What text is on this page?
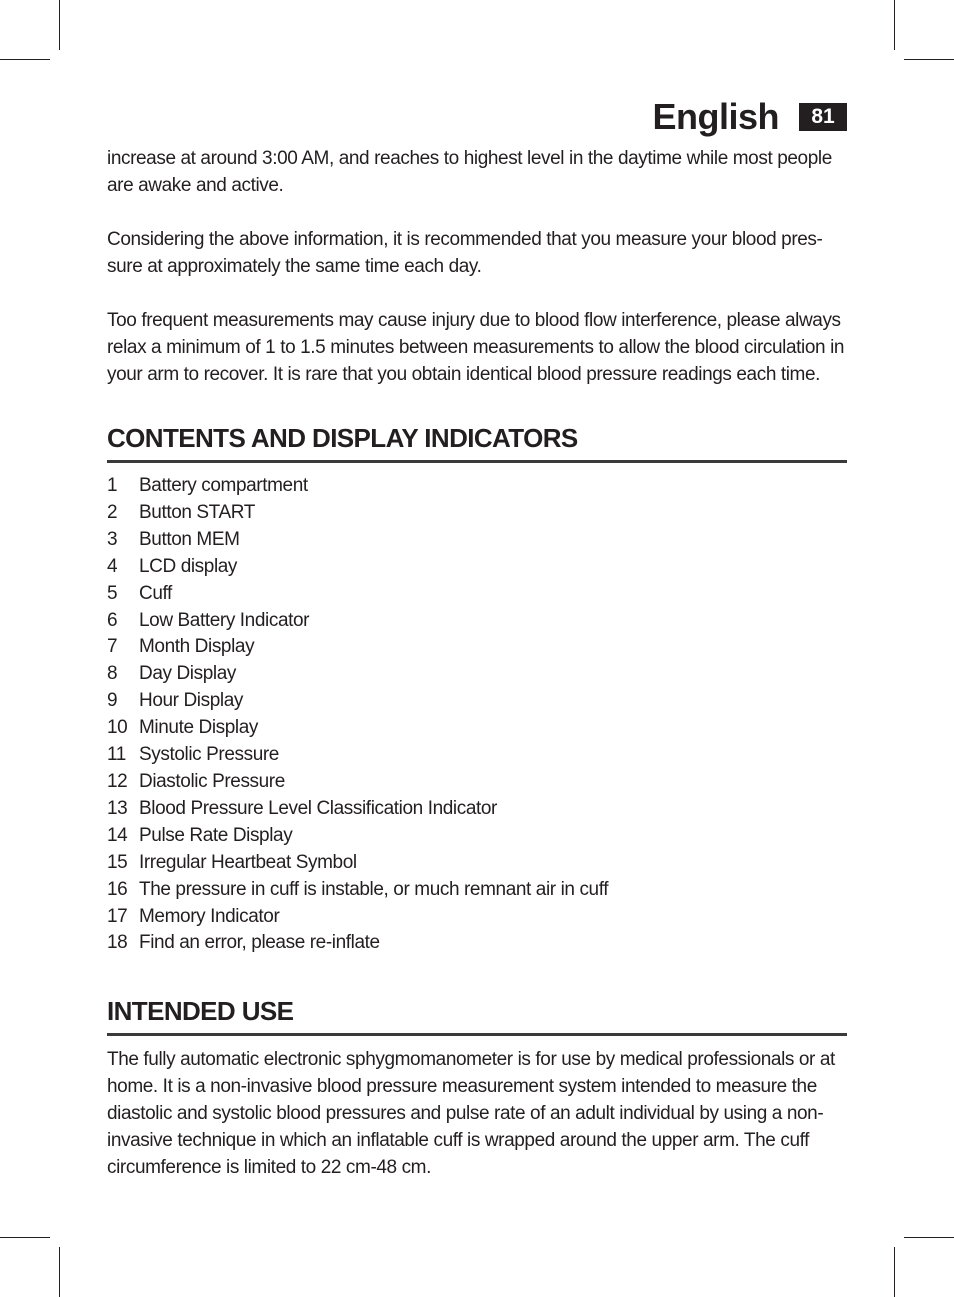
English	81

increase at around 3:00 AM, and reaches to highest level in the daytime while most people are awake and active.

Considering the above information, it is recommended that you measure your blood pres-sure at approximately the same time each day.

Too frequent measurements may cause injury due to blood flow interference, please always relax a minimum of 1 to 1.5 minutes between measurements to allow the blood circulation in your arm to recover. It is rare that you obtain identical blood pressure readings each time.

CONTENTS AND DISPLAY INDICATORS
1	Battery compartment
2	Button START
3	Button MEM
4	LCD display
5	Cuff
6	Low Battery Indicator
7	Month Display
8	Day Display
9	Hour Display
10 Minute Display
11 Systolic Pressure
12 Diastolic Pressure
13 Blood Pressure Level Classification Indicator
14 Pulse Rate Display
15 Irregular Heartbeat Symbol
16 The pressure in cuff is instable, or much remnant air in cuff
17 Memory Indicator
18 Find an error, please re-inflate
INTENDED USE

The fully automatic electronic sphygmomanometer is for use by medical professionals or at home. It is a non-invasive blood pressure measurement system intended to measure the diastolic and systolic blood pressures and pulse rate of an adult individual by using a non-invasive technique in which an inflatable cuff is wrapped around the upper arm. The cuff circumference is limited to 22 cm-48 cm.
